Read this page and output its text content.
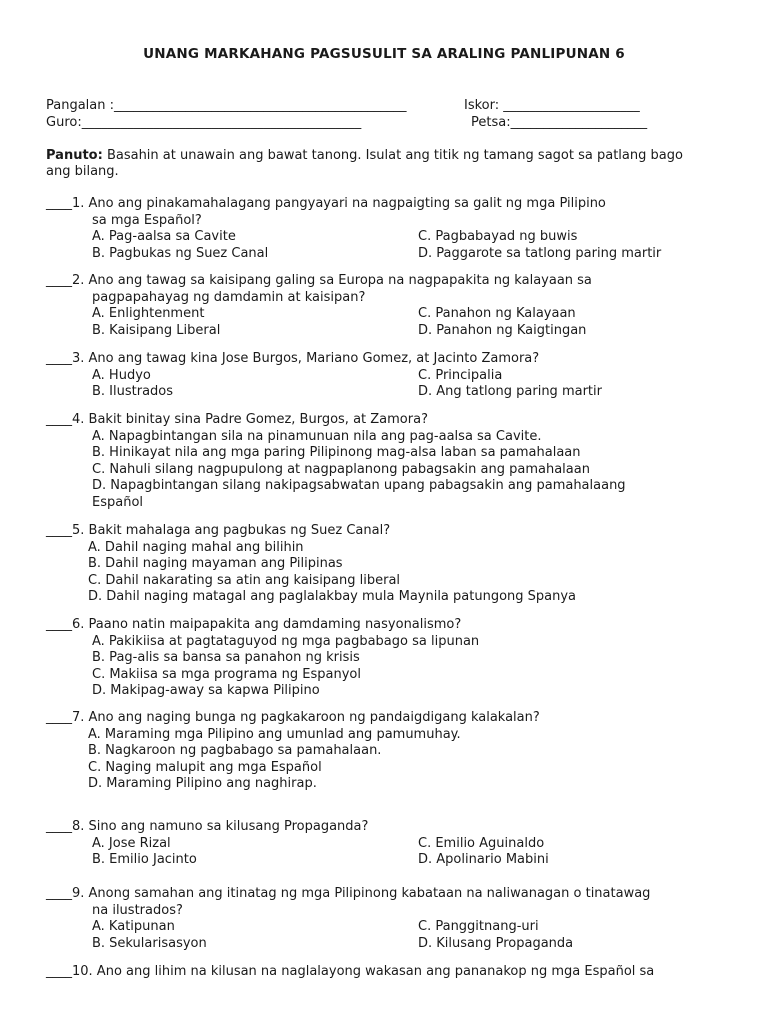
UNANG MARKAHANG PAGSUSULIT SA ARALING PANLIPUNAN 6
Pangalan :_____________________________________________	Iskor: _____________________
Guro:___________________________________________	Petsa:_____________________
Panuto: Basahin at unawain ang bawat tanong. Isulat ang titik ng tamang sagot sa patlang bago
ang bilang.
____1. Ano ang pinakamahalagang pangyayari na nagpaigting sa galit ng mga Pilipino
sa mga Español?
A. Pag-aalsa sa Cavite	C. Pagbabayad ng buwis
B. Pagbukas ng Suez Canal	D. Paggarote sa tatlong paring martir
____2. Ano ang tawag sa kaisipang galing sa Europa na nagpapakita ng kalayaan sa
pagpapahayag ng damdamin at kaisipan?
A. Enlightenment	C. Panahon ng Kalayaan
B. Kaisipang Liberal	D. Panahon ng Kaigtingan
____3. Ano ang tawag kina Jose Burgos, Mariano Gomez, at Jacinto Zamora?
A. Hudyo	C. Principalia
B. Ilustrados	D. Ang tatlong paring martir
____4. Bakit binitay sina Padre Gomez, Burgos, at Zamora?
A. Napagbintangan sila na pinamunuan nila ang pag-aalsa sa Cavite.
B. Hinikayat nila ang mga paring Pilipinong mag-alsa laban sa pamahalaan
C. Nahuli silang nagpupulong at nagpaplanong pabagsakin ang pamahalaan
D. Napagbintangan silang nakipagsabwatan upang pabagsakin ang pamahalaang
Español
____5. Bakit mahalaga ang pagbukas ng Suez Canal?
A. Dahil naging mahal ang bilihin
B. Dahil naging mayaman ang Pilipinas
C. Dahil nakarating sa atin ang kaisipang liberal
D. Dahil naging matagal ang paglalakbay mula Maynila patungong Spanya
____6. Paano natin maipapakita ang damdaming nasyonalismo?
A. Pakikiisa at pagtataguyod ng mga pagbabago sa lipunan
B. Pag-alis sa bansa sa panahon ng krisis
C. Makiisa sa mga programa ng Espanyol
D. Makipag-away sa kapwa Pilipino
____7. Ano ang naging bunga ng pagkakaroon ng pandaigdigang kalakalan?
A. Maraming mga Pilipino ang umunlad ang pamumuhay.
B. Nagkaroon ng pagbabago sa pamahalaan.
C. Naging malupit ang mga Español
D. Maraming Pilipino ang naghirap.
____8. Sino ang namuno sa kilusang Propaganda?
A. Jose Rizal	C. Emilio Aguinaldo
B. Emilio Jacinto	D. Apolinario Mabini
____9. Anong samahan ang itinatag ng mga Pilipinong kabataan na naliwanagan o tinatawag
na ilustrados?
A. Katipunan	C. Panggitnang-uri
B. Sekularisasyon	D. Kilusang Propaganda
____10. Ano ang lihim na kilusan na naglalayong wakasan ang pananakop ng mga Español sa
